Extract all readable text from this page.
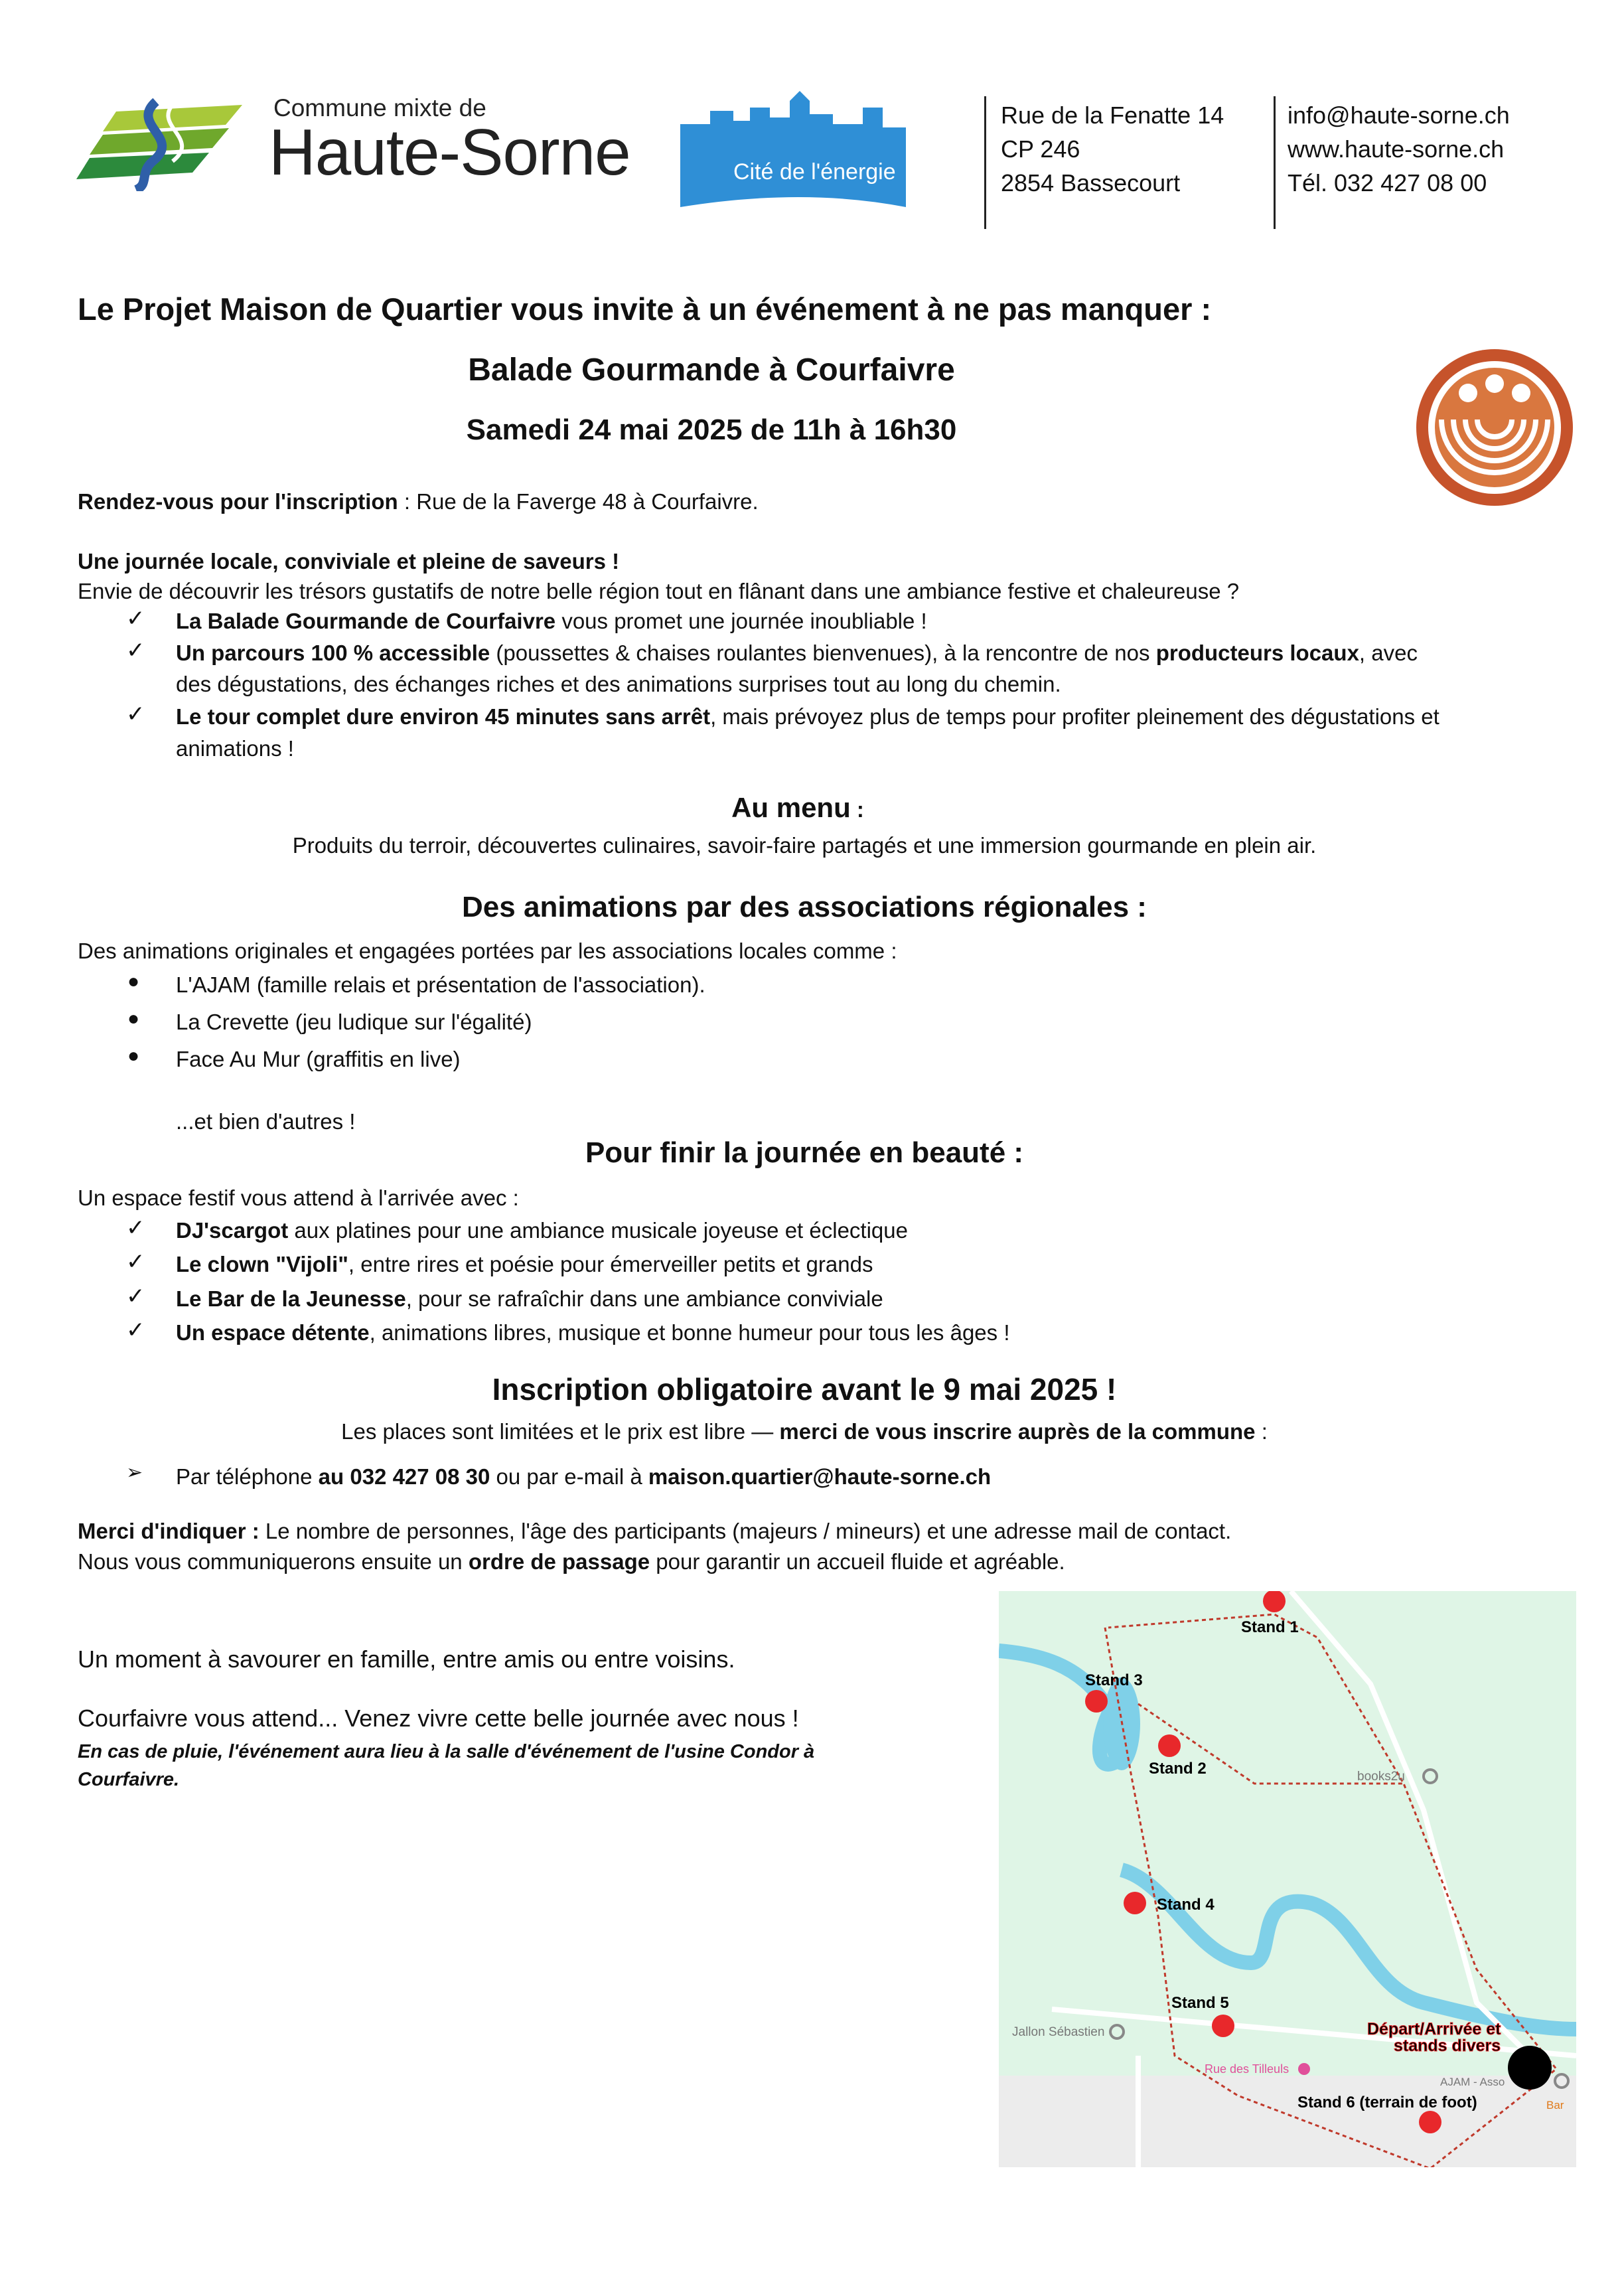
Commune mixte de
Haute-Sorne	Cité de l'énergie
Rue de la Fenatte 14
CP 246
2854 Bassecourt
info@haute-sorne.ch
www.haute-sorne.ch
Tél. 032 427 08 00
Le Projet Maison de Quartier vous invite à un événement à ne pas manquer :
Balade Gourmande à Courfaivre
Samedi 24 mai 2025 de 11h à 16h30
Rendez-vous pour l'inscription : Rue de la Faverge 48 à Courfaivre.
Une journée locale, conviviale et pleine de saveurs !
Envie de découvrir les trésors gustatifs de notre belle région tout en flânant dans une ambiance festive et chaleureuse ?
✓ La Balade Gourmande de Courfaivre vous promet une journée inoubliable !
✓ Un parcours 100 % accessible (poussettes & chaises roulantes bienvenues), à la rencontre de nos producteurs locaux, avec
des dégustations, des échanges riches et des animations surprises tout au long du chemin.
✓ Le tour complet dure environ 45 minutes sans arrêt, mais prévoyez plus de temps pour profiter pleinement des dégustations et
animations !
Au menu :
Produits du terroir, découvertes culinaires, savoir-faire partagés et une immersion gourmande en plein air.
Des animations par des associations régionales :
Des animations originales et engagées portées par les associations locales comme :
● L'AJAM (famille relais et présentation de l'association).
● La Crevette (jeu ludique sur l'égalité)
● Face Au Mur (graffitis en live)
...et bien d'autres !
Pour finir la journée en beauté :
Un espace festif vous attend à l'arrivée avec :
✓ DJ'scargot aux platines pour une ambiance musicale joyeuse et éclectique
✓ Le clown "Vijoli", entre rires et poésie pour émerveiller petits et grands
✓ Le Bar de la Jeunesse, pour se rafraîchir dans une ambiance conviviale
✓ Un espace détente, animations libres, musique et bonne humeur pour tous les âges !
Inscription obligatoire avant le 9 mai 2025 !
Les places sont limitées et le prix est libre — merci de vous inscrire auprès de la commune :
➢ Par téléphone au 032 427 08 30 ou par e-mail à maison.quartier@haute-sorne.ch
Merci d'indiquer : Le nombre de personnes, l'âge des participants (majeurs / mineurs) et une adresse mail de contact.
Nous vous communiquerons ensuite un ordre de passage pour garantir un accueil fluide et agréable.
Un moment à savourer en famille, entre amis ou entre voisins.
Courfaivre vous attend... Venez vivre cette belle journée avec nous !
En cas de pluie, l'événement aura lieu à la salle d'événement de l'usine Condor à Courfaivre.
Stand 1
Stand 2
Stand 3
Stand 4
Stand 5
Stand 6 (terrain de foot)
Départ/Arrivée et
stands divers
books2u
Jallon Sébastien
Rue des Tilleuls
AJAM - Asso
Bar
